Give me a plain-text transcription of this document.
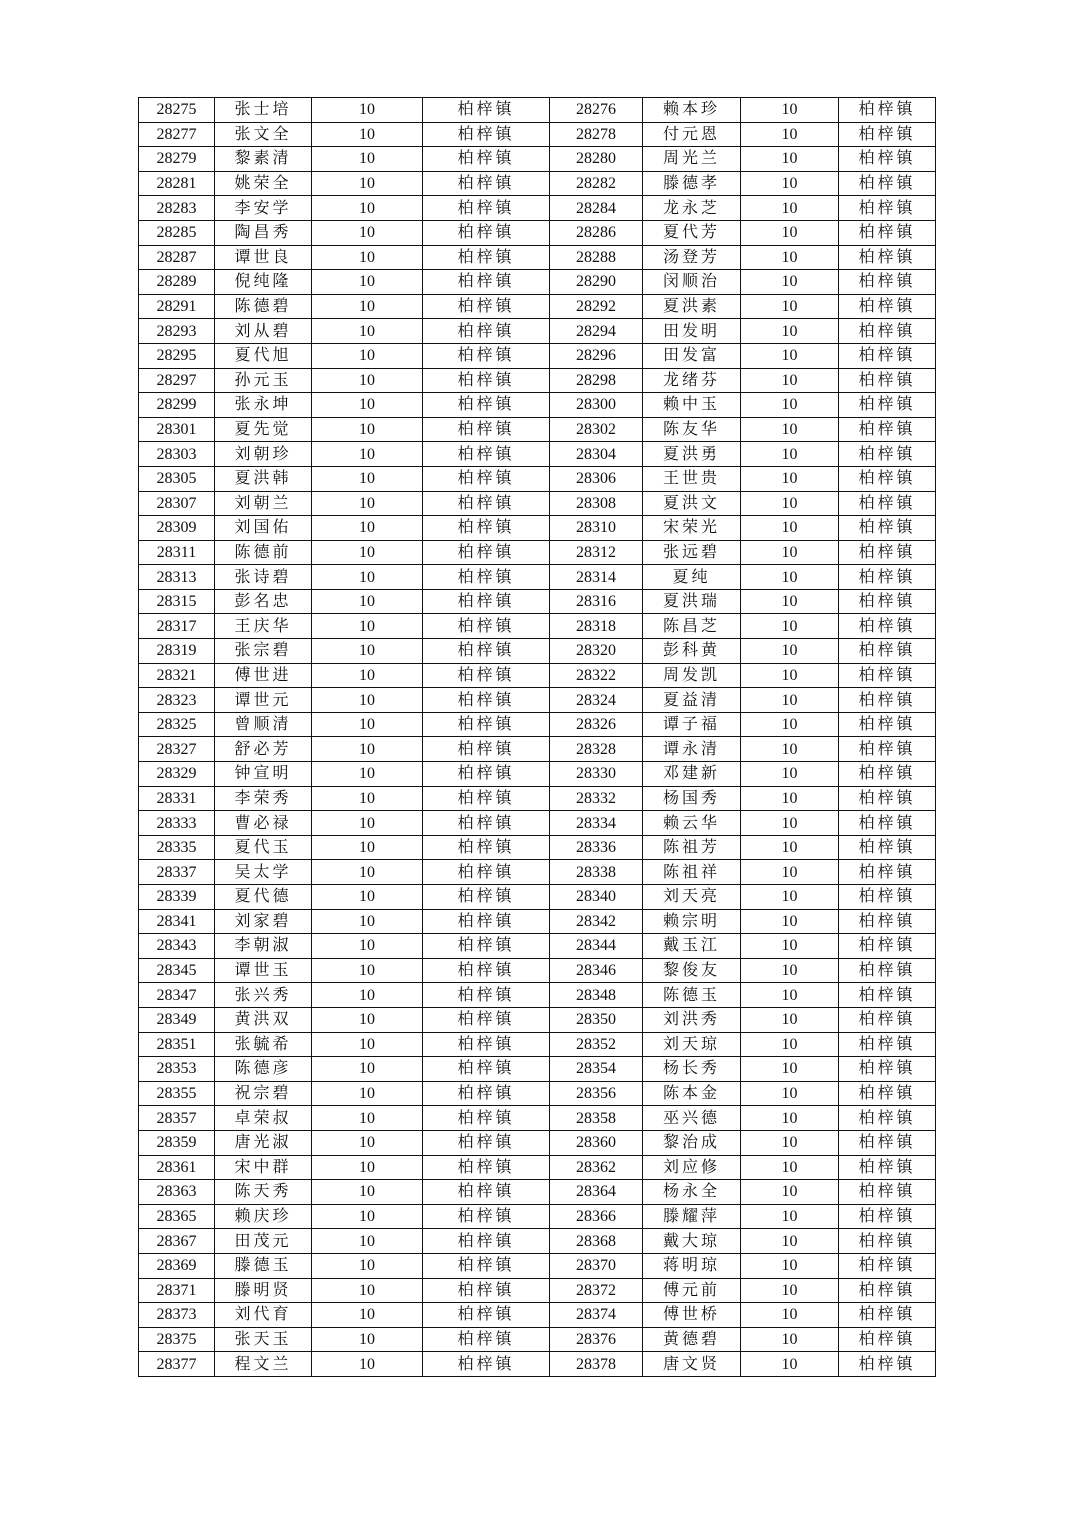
28275	张士培	10	柏梓镇	28276	赖本珍	10	柏梓镇
28277	张文全	10	柏梓镇	28278	付元恩	10	柏梓镇
28279	黎素清	10	柏梓镇	28280	周光兰	10	柏梓镇
28281	姚荣全	10	柏梓镇	28282	滕德孝	10	柏梓镇
28283	李安学	10	柏梓镇	28284	龙永芝	10	柏梓镇
28285	陶昌秀	10	柏梓镇	28286	夏代芳	10	柏梓镇
28287	谭世良	10	柏梓镇	28288	汤登芳	10	柏梓镇
28289	倪纯隆	10	柏梓镇	28290	闵顺治	10	柏梓镇
28291	陈德碧	10	柏梓镇	28292	夏洪素	10	柏梓镇
28293	刘从碧	10	柏梓镇	28294	田发明	10	柏梓镇
28295	夏代旭	10	柏梓镇	28296	田发富	10	柏梓镇
28297	孙元玉	10	柏梓镇	28298	龙绪芬	10	柏梓镇
28299	张永坤	10	柏梓镇	28300	赖中玉	10	柏梓镇
28301	夏先觉	10	柏梓镇	28302	陈友华	10	柏梓镇
28303	刘朝珍	10	柏梓镇	28304	夏洪勇	10	柏梓镇
28305	夏洪韩	10	柏梓镇	28306	王世贵	10	柏梓镇
28307	刘朝兰	10	柏梓镇	28308	夏洪文	10	柏梓镇
28309	刘国佑	10	柏梓镇	28310	宋荣光	10	柏梓镇
28311	陈德前	10	柏梓镇	28312	张远碧	10	柏梓镇
28313	张诗碧	10	柏梓镇	28314	夏纯	10	柏梓镇
28315	彭名忠	10	柏梓镇	28316	夏洪瑞	10	柏梓镇
28317	王庆华	10	柏梓镇	28318	陈昌芝	10	柏梓镇
28319	张宗碧	10	柏梓镇	28320	彭科黄	10	柏梓镇
28321	傅世进	10	柏梓镇	28322	周发凯	10	柏梓镇
28323	谭世元	10	柏梓镇	28324	夏益清	10	柏梓镇
28325	曾顺清	10	柏梓镇	28326	谭子福	10	柏梓镇
28327	舒必芳	10	柏梓镇	28328	谭永清	10	柏梓镇
28329	钟宣明	10	柏梓镇	28330	邓建新	10	柏梓镇
28331	李荣秀	10	柏梓镇	28332	杨国秀	10	柏梓镇
28333	曹必禄	10	柏梓镇	28334	赖云华	10	柏梓镇
28335	夏代玉	10	柏梓镇	28336	陈祖芳	10	柏梓镇
28337	吴太学	10	柏梓镇	28338	陈祖祥	10	柏梓镇
28339	夏代德	10	柏梓镇	28340	刘天亮	10	柏梓镇
28341	刘家碧	10	柏梓镇	28342	赖宗明	10	柏梓镇
28343	李朝淑	10	柏梓镇	28344	戴玉江	10	柏梓镇
28345	谭世玉	10	柏梓镇	28346	黎俊友	10	柏梓镇
28347	张兴秀	10	柏梓镇	28348	陈德玉	10	柏梓镇
28349	黄洪双	10	柏梓镇	28350	刘洪秀	10	柏梓镇
28351	张毓希	10	柏梓镇	28352	刘天琼	10	柏梓镇
28353	陈德彦	10	柏梓镇	28354	杨长秀	10	柏梓镇
28355	祝宗碧	10	柏梓镇	28356	陈本金	10	柏梓镇
28357	卓荣叔	10	柏梓镇	28358	巫兴德	10	柏梓镇
28359	唐光淑	10	柏梓镇	28360	黎治成	10	柏梓镇
28361	宋中群	10	柏梓镇	28362	刘应修	10	柏梓镇
28363	陈天秀	10	柏梓镇	28364	杨永全	10	柏梓镇
28365	赖庆珍	10	柏梓镇	28366	滕耀萍	10	柏梓镇
28367	田茂元	10	柏梓镇	28368	戴大琼	10	柏梓镇
28369	滕德玉	10	柏梓镇	28370	蒋明琼	10	柏梓镇
28371	滕明贤	10	柏梓镇	28372	傅元前	10	柏梓镇
28373	刘代育	10	柏梓镇	28374	傅世桥	10	柏梓镇
28375	张天玉	10	柏梓镇	28376	黄德碧	10	柏梓镇
28377	程文兰	10	柏梓镇	28378	唐文贤	10	柏梓镇
